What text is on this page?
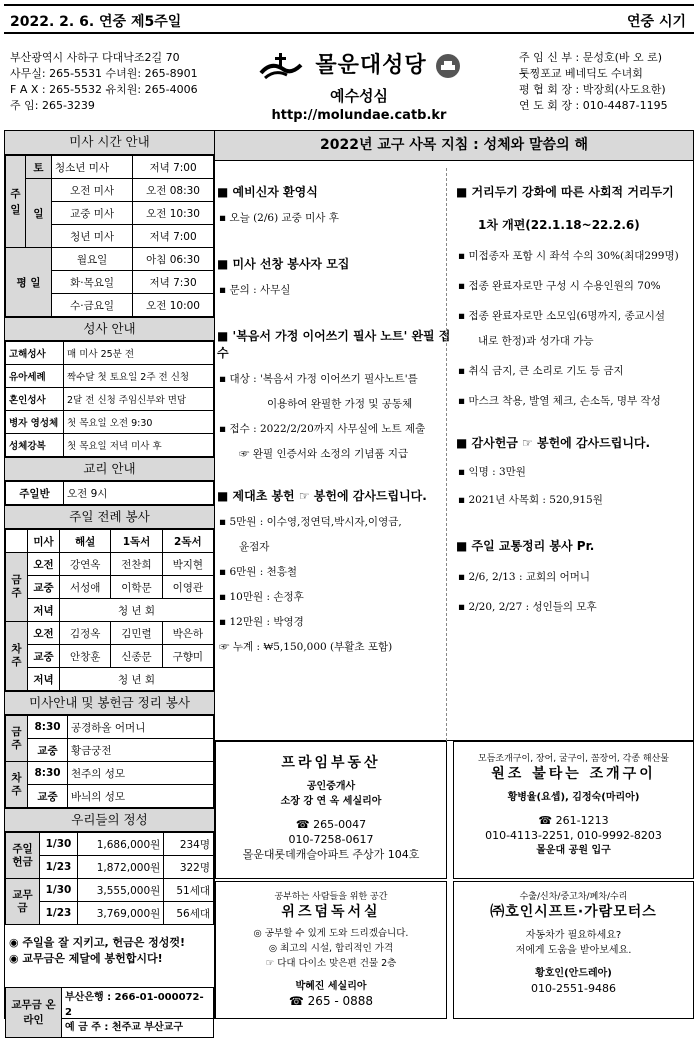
2022. 2. 6. 연중 제5주일	연중 시기
부산광역시 사하구 다대낙조2길 70
사무실: 265-5531 수녀원: 265-8901
F A X : 265-5532 유치원: 265-4006
주 임: 265-3239
몰운대성당
예수성심
http://molundae.catb.kr
주 임 신 부 : 문성호(바 오 로)
툿찡포교 베네딕도 수녀회
평 협 회 장 : 박장희(사도요한)
연 도 회 장 : 010-4487-1195
미사 시간 안내
주일	토	청소년 미사	저녁 7:00
	일	오전 미사	오전 08:30
		교중 미사	오전 10:30
		청년 미사	저녁 7:00
평 일		월요일	아침 06:30
		화·목요일	저녁 7:30
		수·금요일	오전 10:00
성사 안내
고해성사	매 미사 25분 전
유아세례	짝수달 첫 토요일 2주 전 신청
혼인성사	2달 전 신청 주임신부와 면담
병자 영성체	첫 목요일 오전 9:30
성체강복	첫 목요일 저녁 미사 후
교리 안내
주일반	오전 9시
주일 전례 봉사
	미사	해설	1독서	2독서
금주	오전	강연옥	전찬희	박지현
	교중	서성애	이학문	이영관
	저녁	청 년 회		
차주	오전	김정옥	김민렬	박은하
	교중	안창훈	신종문	구향미
	저녁	청 년 회		
미사안내 및 봉헌금 정리 봉사
금주	8:30	공경하올 어머니
	교중	황금궁전
차주	8:30	천주의 성모
	교중	바늬의 성모
우리들의 정성
주일헌금	1/30	1,686,000원	234명
	1/23	1,872,000원	322명
교무금	1/30	3,555,000원	51세대
	1/23	3,769,000원	56세대
◉ 주일을 잘 지키고, 헌금은 정성껏!
◉ 교무금은 제달에 봉헌합시다!
교무금 온라인	
부산은행 : 266-01-000072-2
예 금 주 : 천주교 부산교구
2022년 교구 사목 지침 : 성체와 말씀의 해
■ 예비신자 환영식
▪ 오늘 (2/6) 교중 미사 후
■ 미사 선창 봉사자 모집
▪ 문의 : 사무실
■ '복음서 가정 이어쓰기 필사 노트' 완필 접수
▪ 대상 : '복음서 가정 이어쓰기 필사노트'를
이용하여 완필한 가정 및 공동체
▪ 접수 : 2022/2/20까지 사무실에 노트 제출
☞ 완필 인증서와 소정의 기념품 지급
■ 제대초 봉헌 ☞ 봉헌에 감사드립니다.
▪ 5만원 : 이수영,정연덕,박시자,이영금,
윤점자
▪ 6만원 : 천흥철
▪ 10만원 : 손정후
▪ 12만원 : 박영경
☞ 누계 : ₩5,150,000 (부활초 포함)
■ 거리두기 강화에 따른 사회적 거리두기
1차 개편(22.1.18~22.2.6)
▪ 미접종자 포함 시 좌석 수의 30%(최대299명)
▪ 접종 완료자로만 구성 시 수용인원의 70%
▪ 접종 완료자로만 소모임(6명까지, 종교시설
내로 한정)과 성가대 가능
▪ 취식 금지, 큰 소리로 기도 등 금지
▪ 마스크 착용, 발열 체크, 손소독, 명부 작성
■ 감사헌금 ☞ 봉헌에 감사드립니다.
▪ 익명 : 3만원
▪ 2021년 사목회 : 520,915원
■ 주일 교통정리 봉사 Pr.
▪ 2/6, 2/13 : 교회의 어머니
▪ 2/20, 2/27 : 성인들의 모후
프라임부동산
공인중개사
소장 강 연 옥 세실리아
☎ 265-0047
010-7258-0617
몰운대롯데캐슬아파트 주상가 104호
모듬조개구이, 장어, 굴구이, 꼼장어, 각종 해산물
원조 불타는 조개구이
황병율(요셉), 김정숙(마리아)
☎ 261-1213
010-4113-2251, 010-9992-8203
몰운대 공원 입구
공부하는 사람들을 위한 공간
위즈덤독서실
◎ 공부할 수 있게 도와 드리겠습니다.
◎ 최고의 시설, 합리적인 가격
☞ 다대 다이소 맞은편 건물 2층
박혜진 세실리아
☎ 265 - 0888
수출/신차/중고차/폐차/수리
㈜호인시프트·가람모터스
자동차가 필요하세요?
저에게 도움을 받아보세요.
황호인(안드레아)
010-2551-9486
